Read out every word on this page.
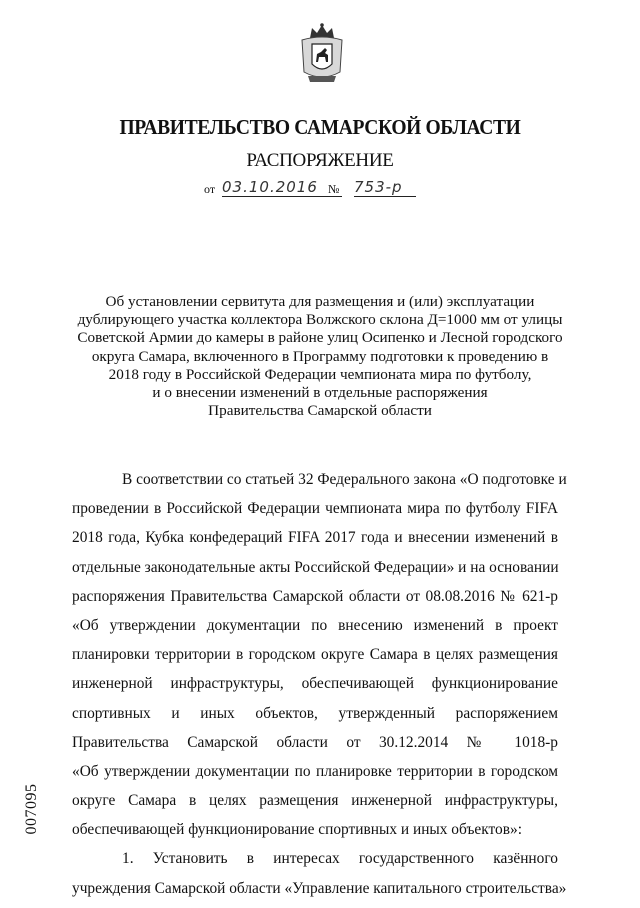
ПРАВИТЕЛЬСТВО САМАРСКОЙ ОБЛАСТИ
РАСПОРЯЖЕНИЕ
от 03.10.2016 № 753-р
Об установлении сервитута для размещения и (или) эксплуатации
дублирующего участка коллектора Волжского склона Д=1000 мм от улицы
Советской Армии до камеры в районе улиц Осипенко и Лесной городского
округа Самара, включенного в Программу подготовки к проведению в
2018 году в Российской Федерации чемпионата мира по футболу,
и о внесении изменений в отдельные распоряжения
Правительства Самарской области
В соответствии со статьей 32 Федерального закона «О подготовке и
проведении в Российской Федерации чемпионата мира по футболу FIFA
2018 года, Кубка конфедераций FIFA 2017 года и внесении изменений в
отдельные законодательные акты Российской Федерации» и на основании
распоряжения Правительства Самарской области от 08.08.2016 № 621-р
«Об утверждении документации по внесению изменений в проект
планировки территории в городском округе Самара в целях размещения
инженерной инфраструктуры, обеспечивающей функционирование
спортивных и иных объектов, утвержденный распоряжением
Правительства Самарской области от 30.12.2014 № 1018-р
«Об утверждении документации по планировке территории в городском
округе Самара в целях размещения инженерной инфраструктуры,
обеспечивающей функционирование спортивных и иных объектов»:
1. Установить в интересах государственного казённого
учреждения Самарской области «Управление капитального строительства»
007095
